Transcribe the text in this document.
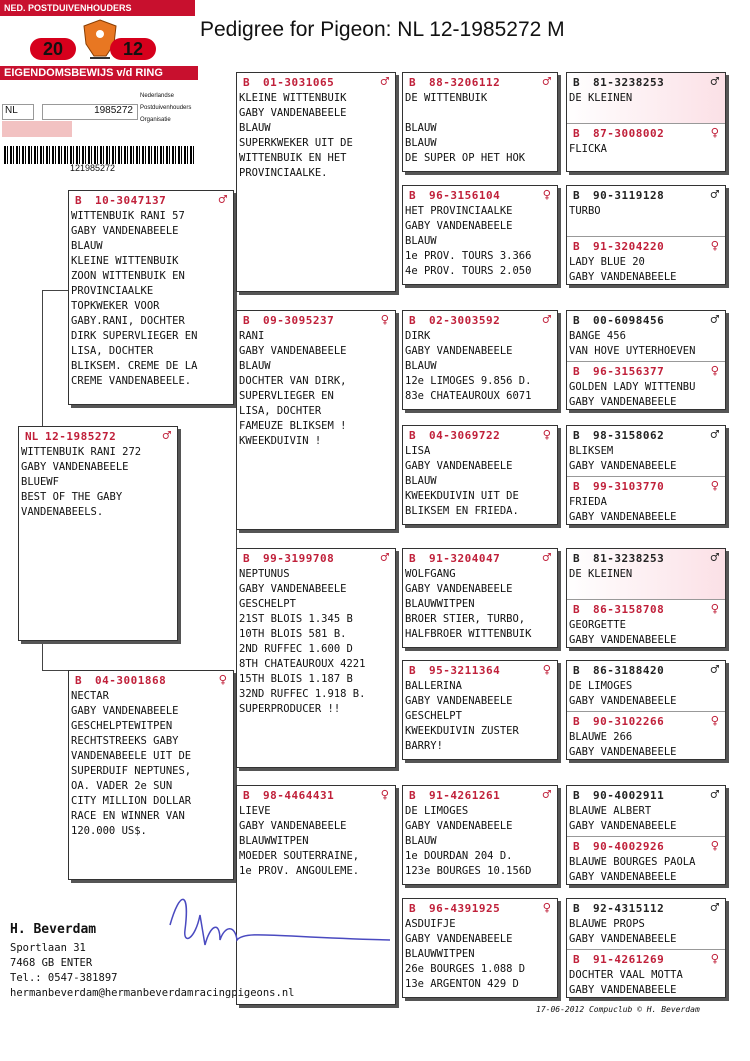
Pedigree for Pigeon: NL 12-1985272 M
NED. POSTDUIVENHOUDERS ORGANISATIE
20	12
EIGENDOMSBEWIJS v/d RING
NL	1985272
Nederlandse
Postduivenhouders
Organisatie
121985272
NL 12-1985272	♂
WITTENBUIK RANI 272
GABY VANDENABEELE
BLUEWF
BEST OF THE GABY
VANDENABEELS.
B	10-3047137	♂
WITTENBUIK RANI 57
GABY VANDENABEELE
BLAUW
KLEINE WITTENBUIK
ZOON WITTENBUIK EN
PROVINCIAALKE
TOPKWEKER VOOR
GABY.RANI, DOCHTER
DIRK SUPERVLIEGER EN
LISA, DOCHTER
BLIKSEM. CREME DE LA
CREME VANDENABEELE.
B	04-3001868	♀
NECTAR
GABY VANDENABEELE
GESCHELPTEWITPEN
RECHTSTREEKS GABY
VANDENABEELE UIT DE
SUPERDUIF NEPTUNES,
OA. VADER 2e SUN
CITY MILLION DOLLAR
RACE EN WINNER VAN
120.000 US$.
B	01-3031065	♂
KLEINE WITTENBUIK
GABY VANDENABEELE
BLAUW
SUPERKWEKER UIT DE
WITTENBUIK EN HET
PROVINCIAALKE.
B	09-3095237	♀
RANI
GABY VANDENABEELE
BLAUW
DOCHTER VAN DIRK,
SUPERVLIEGER EN
LISA, DOCHTER
FAMEUZE BLIKSEM !
KWEEKDUIVIN !
B	99-3199708	♂
NEPTUNUS
GABY VANDENABEELE
GESCHELPT
21ST BLOIS 1.345 B
10TH BLOIS 581 B.
2ND RUFFEC 1.600 D
8TH CHATEAUROUX 4221
15TH BLOIS 1.187 B
32ND RUFFEC 1.918 B.
SUPERPRODUCER !!
B	98-4464431	♀
LIEVE
GABY VANDENABEELE
BLAUWWITPEN
MOEDER SOUTERRAINE,
1e PROV. ANGOULEME.
B	88-3206112	♂
DE WITTENBUIK

BLAUW
BLAUW
DE SUPER OP HET HOK
B	96-3156104	♀
HET PROVINCIAALKE
GABY VANDENABEELE
BLAUW
1e PROV. TOURS 3.366
4e PROV. TOURS 2.050
B	02-3003592	♂
DIRK
GABY VANDENABEELE
BLAUW
12e LIMOGES 9.856 D.
83e CHATEAUROUX 6071
B	04-3069722	♀
LISA
GABY VANDENABEELE
BLAUW
KWEEKDUIVIN UIT DE
BLIKSEM EN FRIEDA.
B	91-3204047	♂
WOLFGANG
GABY VANDENABEELE
BLAUWWITPEN
BROER STIER, TURBO,
HALFBROER WITTENBUIK
B	95-3211364	♀
BALLERINA
GABY VANDENABEELE
GESCHELPT
KWEEKDUIVIN ZUSTER
BARRY!
B	91-4261261	♂
DE LIMOGES
GABY VANDENABEELE
BLAUW
1e DOURDAN 204 D.
123e BOURGES 10.156D
B	96-4391925	♀
ASDUIFJE
GABY VANDENABEELE
BLAUWWITPEN
26e BOURGES 1.088 D
13e ARGENTON 429 D
B	81-3238253	♂
DE KLEINEN
B	87-3008002	♀
FLICKA
B	90-3119128	♂
TURBO
B	91-3204220	♀
LADY BLUE 20
GABY VANDENABEELE
B	00-6098456	♂
BANGE 456
VAN HOVE UYTERHOEVEN
B	96-3156377	♀
GOLDEN LADY WITTENBU
GABY VANDENABEELE
B	98-3158062	♂
BLIKSEM
GABY VANDENABEELE
B	99-3103770	♀
FRIEDA
GABY VANDENABEELE
B	81-3238253	♂
DE KLEINEN
B	86-3158708	♀
GEORGETTE
GABY VANDENABEELE
B	86-3188420	♂
DE LIMOGES
GABY VANDENABEELE
B	90-3102266	♀
BLAUWE 266
GABY VANDENABEELE
B	90-4002911	♂
BLAUWE ALBERT
GABY VANDENABEELE
B	90-4002926	♀
BLAUWE BOURGES PAOLA
GABY VANDENABEELE
B	92-4315112	♂
BLAUWE PROPS
GABY VANDENABEELE
B	91-4261269	♀
DOCHTER VAAL MOTTA
GABY VANDENABEELE
H. Beverdam
Sportlaan 31
7468 GB ENTER
Tel.: 0547-381897
hermanbeverdam@hermanbeverdamracingpigeons.nl
17-06-2012 Compuclub © H. Beverdam
